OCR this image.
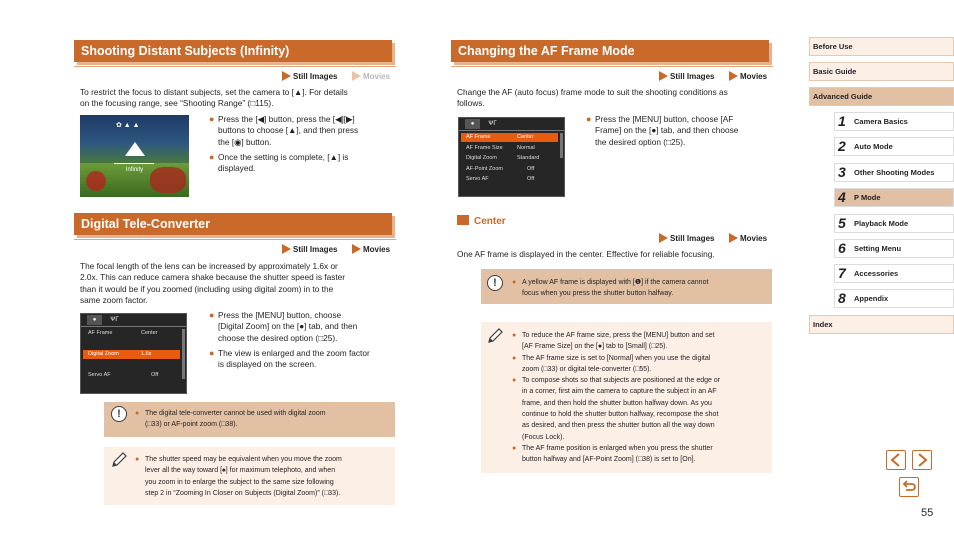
Shooting Distant Subjects (Infinity)
Still Images	Movies
To restrict the focus to distant subjects, set the camera to [▲]. For details
on the focusing range, see “Shooting Range” (□115).
✿ ▲ ▲
Infinity
● Press the [◀] button, press the [◀][▶]
buttons to choose [▲], and then press
the [◉] button.
● Once the setting is complete, [▲] is
displayed.
Digital Tele-Converter
Still Images	Movies
The focal length of the lens can be increased by approximately 1.6x or
2.0x. This can reduce camera shake because the shutter speed is faster
than it would be if you zoomed (including using digital zoom) in to the
same zoom factor.
●	ΨΓ
AF Frame	Center
Digital Zoom	1.6x
Servo AF	Off
● Press the [MENU] button, choose
[Digital Zoom] on the [●] tab, and then
choose the desired option (□25).
● The view is enlarged and the zoom factor
is displayed on the screen.
!	● The digital tele-converter cannot be used with digital zoom
(□33) or AF-point zoom (□38).
● The shutter speed may be equivalent when you move the zoom
lever all the way toward [♠] for maximum telephoto, and when
you zoom in to enlarge the subject to the same size following
step 2 in “Zooming In Closer on Subjects (Digital Zoom)” (□33).
Changing the AF Frame Mode
Still Images	Movies
Change the AF (auto focus) frame mode to suit the shooting conditions as
follows.
●	ΨΓ
AF Frame	Center
AF Frame Size	Normal
Digital Zoom	Standard
AF-Point Zoom	Off
Servo AF	Off
● Press the [MENU] button, choose [AF
Frame] on the [●] tab, and then choose
the desired option (□25).
Center
Still Images	Movies
One AF frame is displayed in the center. Effective for reliable focusing.
!	● A yellow AF frame is displayed with [❶] if the camera cannot
focus when you press the shutter button halfway.
● To reduce the AF frame size, press the [MENU] button and set
[AF Frame Size] on the [●] tab to [Small] (□25).
● The AF frame size is set to [Normal] when you use the digital
zoom (□33) or digital tele-converter (□55).
● To compose shots so that subjects are positioned at the edge or
in a corner, first aim the camera to capture the subject in an AF
frame, and then hold the shutter button halfway down. As you
continue to hold the shutter button halfway, recompose the shot
as desired, and then press the shutter button all the way down
(Focus Lock).
● The AF frame position is enlarged when you press the shutter
button halfway and [AF-Point Zoom] (□38) is set to [On].
Before Use
Basic Guide
Advanced Guide
1 Camera Basics
2 Auto Mode
3 Other Shooting Modes
4 P Mode
5 Playback Mode
6 Setting Menu
7 Accessories
8 Appendix
Index
55
